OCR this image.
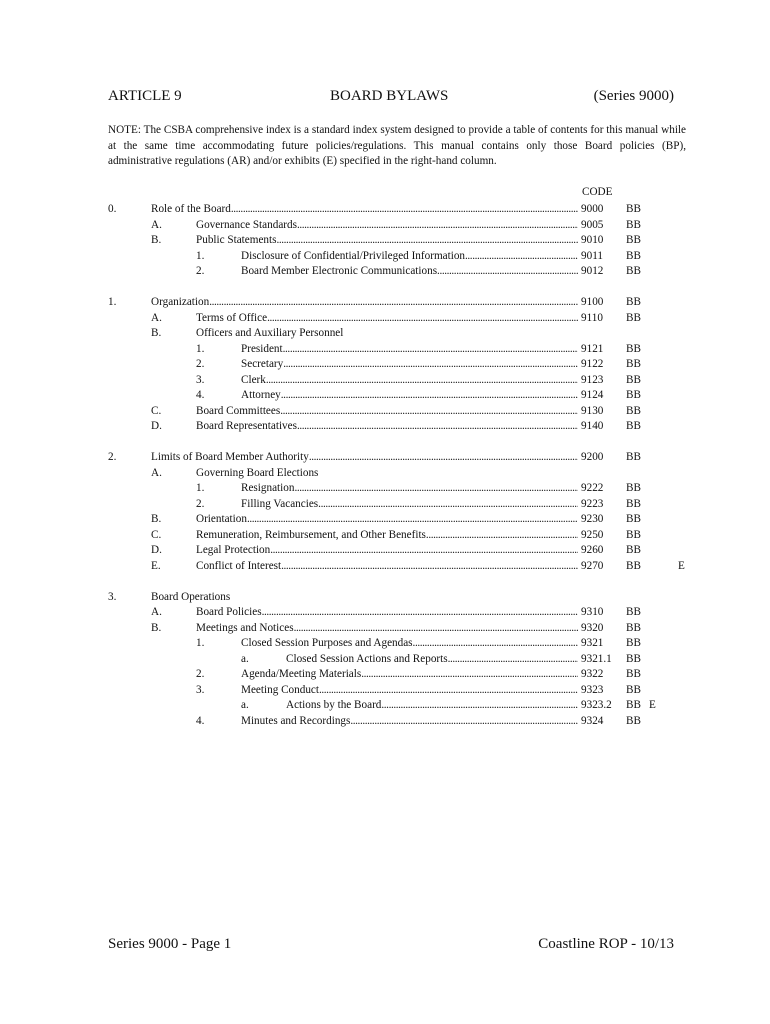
ARTICLE 9	BOARD BYLAWS	(Series 9000)
NOTE: The CSBA comprehensive index is a standard index system designed to provide a table of contents for this manual while at the same time accommodating future policies/regulations. This manual contains only those Board policies (BP), administrative regulations (AR) and/or exhibits (E) specified in the right-hand column.
CODE
0.	Role of the Board . . .	9000 BB
A.	Governance Standards . . .	9005 BB
B.	Public Statements . . .	9010 BB
1.	Disclosure of Confidential/Privileged Information . . .	9011 BB
2.	Board Member Electronic Communications . . .	9012 BB
1.	Organization . . .	9100 BB
A.	Terms of Office . . .	9110 BB
B.	Officers and Auxiliary Personnel
1.	President . . .	9121 BB
2.	Secretary . . .	9122 BB
3.	Clerk . . .	9123 BB
4.	Attorney . . .	9124 BB
C.	Board Committees . . .	9130 BB
D.	Board Representatives . . .	9140 BB
2.	Limits of Board Member Authority . . .	9200 BB
A.	Governing Board Elections
1.	Resignation . . .	9222 BB
2.	Filling Vacancies . . .	9223 BB
B.	Orientation . . .	9230 BB
C.	Remuneration, Reimbursement, and Other Benefits . . .	9250 BB
D.	Legal Protection . . .	9260 BB
E.	Conflict of Interest . . .	9270 BB	E
3.	Board Operations
A.	Board Policies . . .	9310 BB
B.	Meetings and Notices . . .	9320 BB
1.	Closed Session Purposes and Agendas . . .	9321 BB
a.	Closed Session Actions and Reports . . .	9321.1 BB
2.	Agenda/Meeting Materials . . .	9322 BB
3.	Meeting Conduct . . .	9323 BB
a.	Actions by the Board . . .	9323.2 BB E
4.	Minutes and Recordings . . .	9324 BB
Series 9000 - Page 1	Coastline ROP - 10/13
